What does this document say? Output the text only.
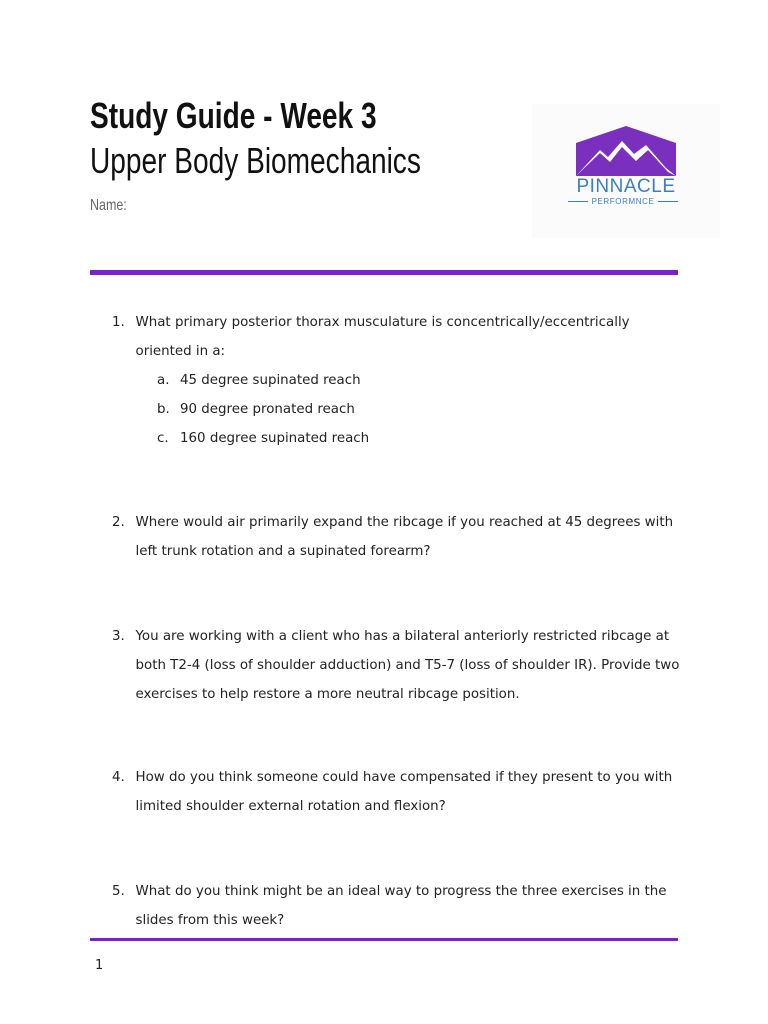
Study Guide - Week 3
Upper Body Biomechanics
Name:
PINNACLE
PERFORMNCE
1. What primary posterior thorax musculature is concentrically/eccentrically oriented in a:
a. 45 degree supinated reach
b. 90 degree pronated reach
c. 160 degree supinated reach
2. Where would air primarily expand the ribcage if you reached at 45 degrees with left trunk rotation and a supinated forearm?
3. You are working with a client who has a bilateral anteriorly restricted ribcage at both T2-4 (loss of shoulder adduction) and T5-7 (loss of shoulder IR). Provide two exercises to help restore a more neutral ribcage position.
4. How do you think someone could have compensated if they present to you with limited shoulder external rotation and flexion?
5. What do you think might be an ideal way to progress the three exercises in the slides from this week?
1
